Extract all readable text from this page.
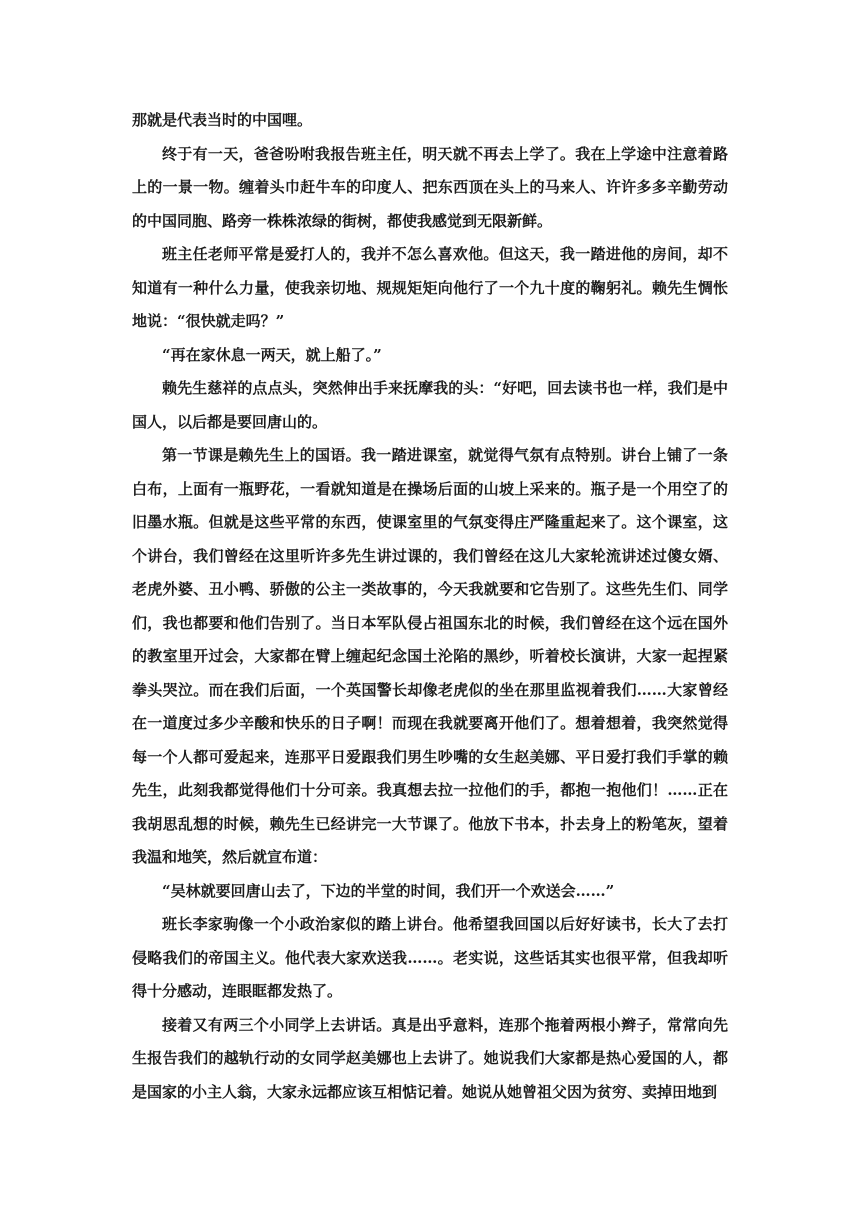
那就是代表当时的中国哩。

终于有一天，爸爸吩咐我报告班主任，明天就不再去上学了。我在上学途中注意着路上的一景一物。缠着头巾赶牛车的印度人、把东西顶在头上的马来人、许许多多辛勤劳动的中国同胞、路旁一株株浓绿的街树，都使我感觉到无限新鲜。

班主任老师平常是爱打人的，我并不怎么喜欢他。但这天，我一踏进他的房间，却不知道有一种什么力量，使我亲切地、规规矩矩向他行了一个九十度的鞠躬礼。赖先生惆怅地说：“很快就走吗？”

“再在家休息一两天，就上船了。”

赖先生慈祥的点点头，突然伸出手来抚摩我的头：“好吧，回去读书也一样，我们是中国人，以后都是要回唐山的。

第一节课是赖先生上的国语。我一踏进课室，就觉得气氛有点特别。讲台上铺了一条白布，上面有一瓶野花，一看就知道是在操场后面的山坡上采来的。瓶子是一个用空了的旧墨水瓶。但就是这些平常的东西，使课室里的气氛变得庄严隆重起来了。这个课室，这个讲台，我们曾经在这里听许多先生讲过课的，我们曾经在这儿大家轮流讲述过傻女婿、老虎外婆、丑小鸭、骄傲的公主一类故事的，今天我就要和它告别了。这些先生们、同学们，我也都要和他们告别了。当日本军队侵占祖国东北的时候，我们曾经在这个远在国外的教室里开过会，大家都在臂上缠起纪念国土沦陷的黑纱，听着校长演讲，大家一起捏紧拳头哭泣。而在我们后面，一个英国警长却像老虎似的坐在那里监视着我们……大家曾经在一道度过多少辛酸和快乐的日子啊！而现在我就要离开他们了。想着想着，我突然觉得每一个人都可爱起来，连那平日爱跟我们男生吵嘴的女生赵美娜、平日爱打我们手掌的赖先生，此刻我都觉得他们十分可亲。我真想去拉一拉他们的手，都抱一抱他们！……正在我胡思乱想的时候，赖先生已经讲完一大节课了。他放下书本，扑去身上的粉笔灰，望着我温和地笑，然后就宣布道：

“吴林就要回唐山去了，下边的半堂的时间，我们开一个欢送会……”

班长李家驹像一个小政治家似的踏上讲台。他希望我回国以后好好读书，长大了去打侵略我们的帝国主义。他代表大家欢送我……。老实说，这些话其实也很平常，但我却听得十分感动，连眼眶都发热了。

接着又有两三个小同学上去讲话。真是出乎意料，连那个拖着两根小辫子，常常向先生报告我们的越轨行动的女同学赵美娜也上去讲了。她说我们大家都是热心爱国的人，都是国家的小主人翁，大家永远都应该互相惦记着。她说从她曾祖父因为贫穷、卖掉田地到
